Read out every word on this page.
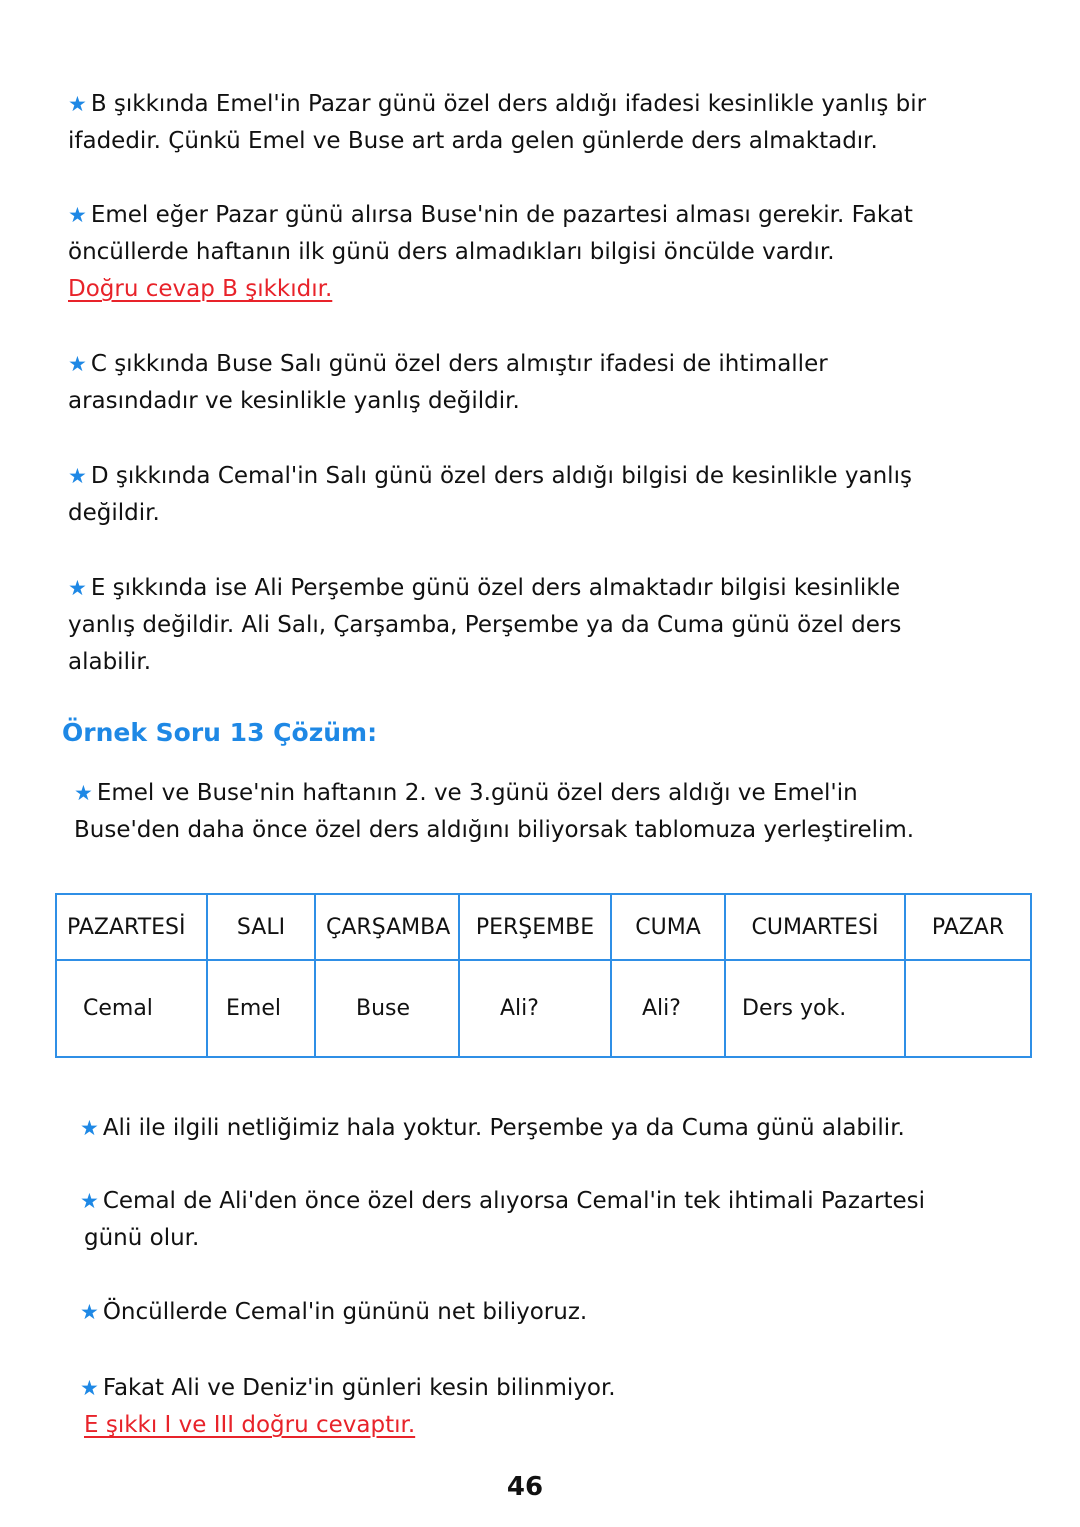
★ B şıkkında Emel'in Pazar günü özel ders aldığı ifadesi kesinlikle yanlış bir
ifadedir. Çünkü Emel ve Buse art arda gelen günlerde ders almaktadır.
★ Emel eğer Pazar günü alırsa Buse'nin de pazartesi alması gerekir. Fakat
öncüllerde haftanın ilk günü ders almadıkları bilgisi öncülde vardır.
Doğru cevap B şıkkıdır.
★ C şıkkında Buse Salı günü özel ders almıştır ifadesi de ihtimaller
arasındadır ve kesinlikle yanlış değildir.
★ D şıkkında Cemal'in Salı günü özel ders aldığı bilgisi de kesinlikle yanlış
değildir.
★ E şıkkında ise Ali Perşembe günü özel ders almaktadır bilgisi kesinlikle
yanlış değildir. Ali Salı, Çarşamba, Perşembe ya da Cuma günü özel ders
alabilir.
Örnek Soru 13 Çözüm:
★ Emel ve Buse'nin haftanın 2. ve 3.günü özel ders aldığı ve Emel'in
Buse'den daha önce özel ders aldığını biliyorsak tablomuza yerleştirelim.
PAZARTESİ	SALI	ÇARŞAMBA	PERŞEMBE	CUMA	CUMARTESİ	PAZAR
Cemal	Emel	Buse	Ali?	Ali?	Ders yok.	
★ Ali ile ilgili netliğimiz hala yoktur. Perşembe ya da Cuma günü alabilir.
★ Cemal de Ali'den önce özel ders alıyorsa Cemal'in tek ihtimali Pazartesi
günü olur.
★ Öncüllerde Cemal'in gününü net biliyoruz.
★ Fakat Ali ve Deniz'in günleri kesin bilinmiyor.
E şıkkı I ve III doğru cevaptır.
46
